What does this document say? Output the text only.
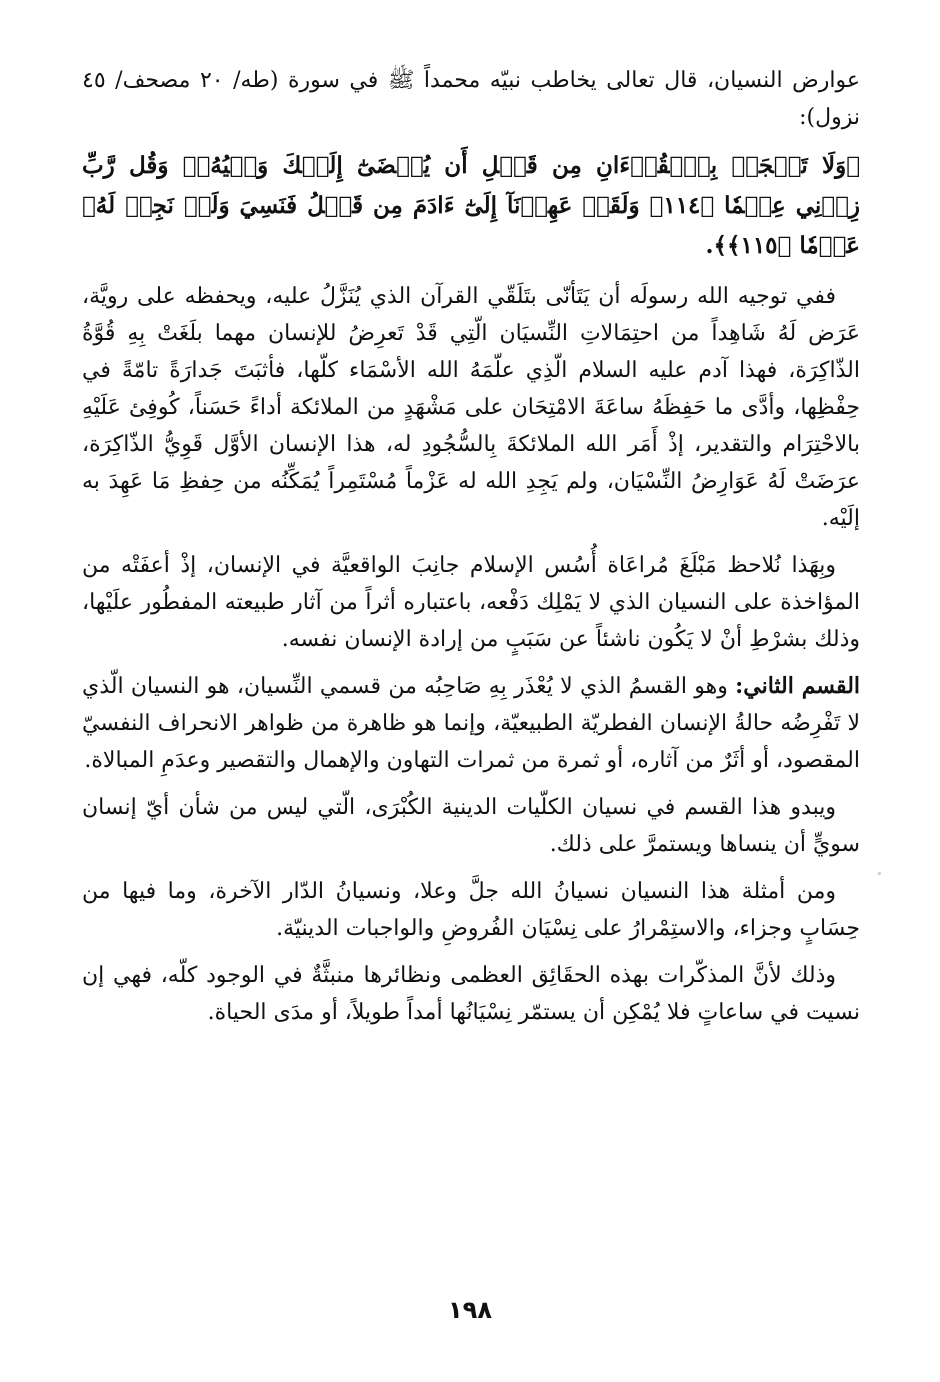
عوارض النسيان، قال تعالى يخاطب نبيّه محمداً ﷺ في سورة (طه/ ٢٠ مصحف/ ٤٥ نزول):

﴿وَلَا تَعۡجَلۡ بِٱلۡقُرۡءَانِ مِن قَبۡلِ أَن يُقۡضَىٰٓ إِلَيۡكَ وَحۡيُهُۥۖ وَقُل رَّبِّ زِدۡنِي عِلۡمٗا ﴿١١٤﴾ وَلَقَدۡ عَهِدۡنَآ إِلَىٰٓ ءَادَمَ مِن قَبۡلُ فَنَسِيَ وَلَمۡ نَجِدۡ لَهُۥ عَزۡمٗا ﴿١١٥﴾﴾.

ففي توجيه الله رسولَه أن يَتَأنّى بتَلَقّي القرآن الذي يُنَزَّلُ عليه، ويحفظه على رويَّة، عَرَض لَهُ شَاهِداً من احتِمَالاتِ النِّسيَان الّتِي قَدْ تَعرِضُ للإنسان مهما بلَغَتْ بِهِ قُوَّةُ الذّاكِرَة، فهذا آدم عليه السلام الّذِي علّمَهُ الله الأسْمَاء كلّها، فأثبَتَ جَدارَةً تامّةً في حِفْظِها، وأدَّى ما حَفِظَهُ ساعَةَ الامْتِحَان على مَشْهَدٍ من الملائكة أداءً حَسَناً، كُوفِئ عَلَيْهِ بالاحْتِرَام والتقدير، إذْ أَمَر الله الملائكةَ بِالسُّجُودِ له، هذا الإنسان الأوَّل قَوِيُّ الذّاكِرَة، عرَضَتْ لَهُ عَوَارِضُ النِّسْيَان، ولم يَجِدِ الله له عَزْماً مُسْتَمِراً يُمَكِّنُه من حِفظِ مَا عَهِدَ به إلَيْه.

وبِهَذا نُلاحظ مَبْلَغَ مُراعَاة أُسُس الإسلام جانِبَ الواقعيَّة في الإنسان، إذْ أعفَتْه من المؤاخذة على النسيان الذي لا يَمْلِك دَفْعه، باعتباره أثراً من آثار طبيعته المفطُور علَيْها، وذلك بشرْطِ أنْ لا يَكُون ناشئاً عن سَبَبٍ من إرادة الإنسان نفسه.

القسم الثاني: وهو القسمُ الذي لا يُعْذَر بِهِ صَاحِبُه من قسمي النِّسيان، هو النسيان الّذي لا تَفْرِضُه حالةُ الإنسان الفطريّة الطبيعيّة، وإنما هو ظاهرة من ظواهر الانحراف النفسيّ المقصود، أو أثَرٌ من آثاره، أو ثمرة من ثمرات التهاون والإهمال والتقصير وعدَمِ المبالاة.

ويبدو هذا القسم في نسيان الكلّيات الدينية الكُبْرَى، الّتي ليس من شأن أيّ إنسان سويٍّ أن ينساها ويستمرَّ على ذلك.

ومن أمثلة هذا النسيان نسيانُ الله جلَّ وعلا، ونسيانُ الدّار الآخرة، وما فيها من حِسَابٍ وجزاء، والاستِمْرارُ على نِسْيَان الفُروضِ والواجبات الدينيّة.

وذلك لأنَّ المذكّرات بهذه الحقَائِق العظمى ونظائرها منبثَّةٌ في الوجود كلّه، فهي إن نسيت في ساعاتٍ فلا يُمْكِن أن يستمّر نِسْيَانُها أمداً طويلاً، أو مدَى الحياة.

١٩٨
